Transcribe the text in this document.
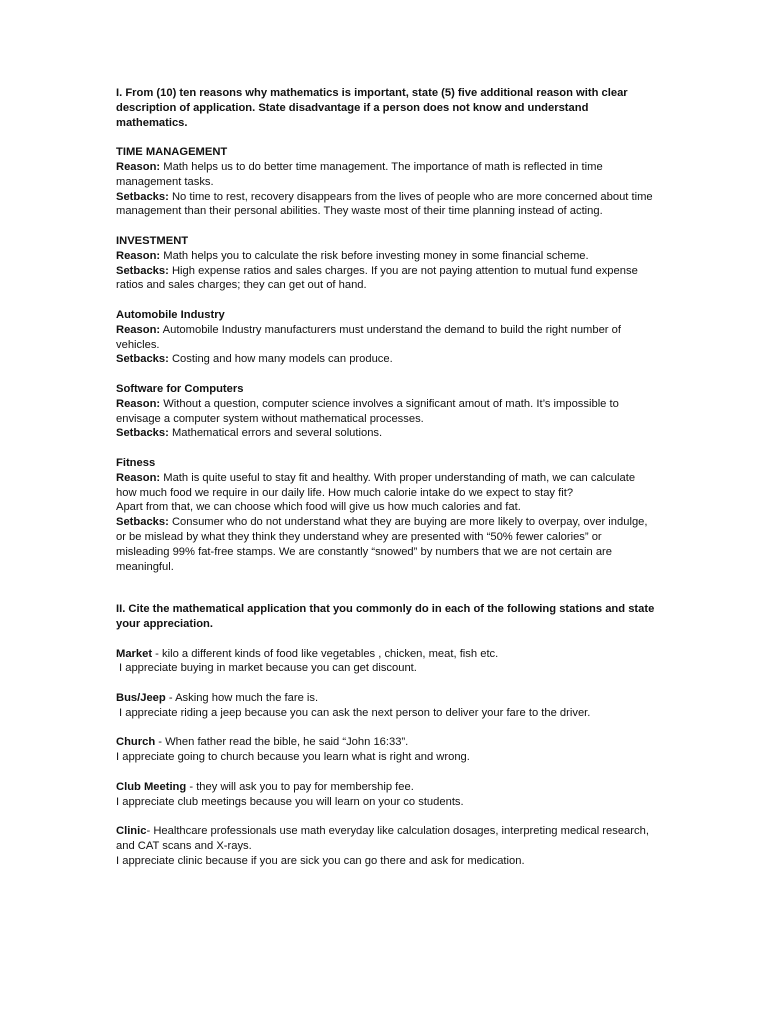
I. From (10) ten reasons why mathematics is important, state (5) five additional reason with clear description of application. State disadvantage if a person does not know and understand mathematics.

TIME MANAGEMENT

Reason: Math helps us to do better time management. The importance of math is reflected in time management tasks.

Setbacks: No time to rest, recovery disappears from the lives of people who are more concerned about time management than their personal abilities. They waste most of their time planning instead of acting.

INVESTMENT

Reason: Math helps you to calculate the risk before investing money in some financial scheme.

Setbacks: High expense ratios and sales charges. If you are not paying attention to mutual fund expense ratios and sales charges; they can get out of hand.

Automobile Industry

Reason: Automobile Industry manufacturers must understand the demand to build the right number of vehicles.

Setbacks: Costing and how many models can produce.

Software for Computers

Reason: Without a question, computer science involves a significant amout of math. It’s impossible to envisage a computer system without mathematical processes.

Setbacks: Mathematical errors and several solutions.

Fitness

Reason: Math is quite useful to stay fit and healthy. With proper understanding of math, we can calculate how much food we require in our daily life. How much calorie intake do we expect to stay fit?

Apart from that, we can choose which food will give us how much calories and fat.

Setbacks: Consumer who do not understand what they are buying are more likely to overpay, over indulge, or be mislead by what they think they understand whey are presented with “50% fewer calories” or misleading 99% fat-free stamps. We are constantly “snowed” by numbers that we are not certain are meaningful.

II. Cite the mathematical application that you commonly do in each of the following stations and state your appreciation.

Market - kilo a different kinds of food like vegetables , chicken, meat, fish etc.

I appreciate buying in market because you can get discount.

Bus/Jeep - Asking how much the fare is.

I appreciate riding a jeep because you can ask the next person to deliver your fare to the driver.

Church - When father read the bible, he said “John 16:33”.

I appreciate going to church because you learn what is right and wrong.

Club Meeting - they will ask you to pay for membership fee.

I appreciate club meetings because you will learn on your co students.

Clinic- Healthcare professionals use math everyday like calculation dosages, interpreting medical research, and CAT scans and X-rays.

I appreciate clinic because if you are sick you can go there and ask for medication.
